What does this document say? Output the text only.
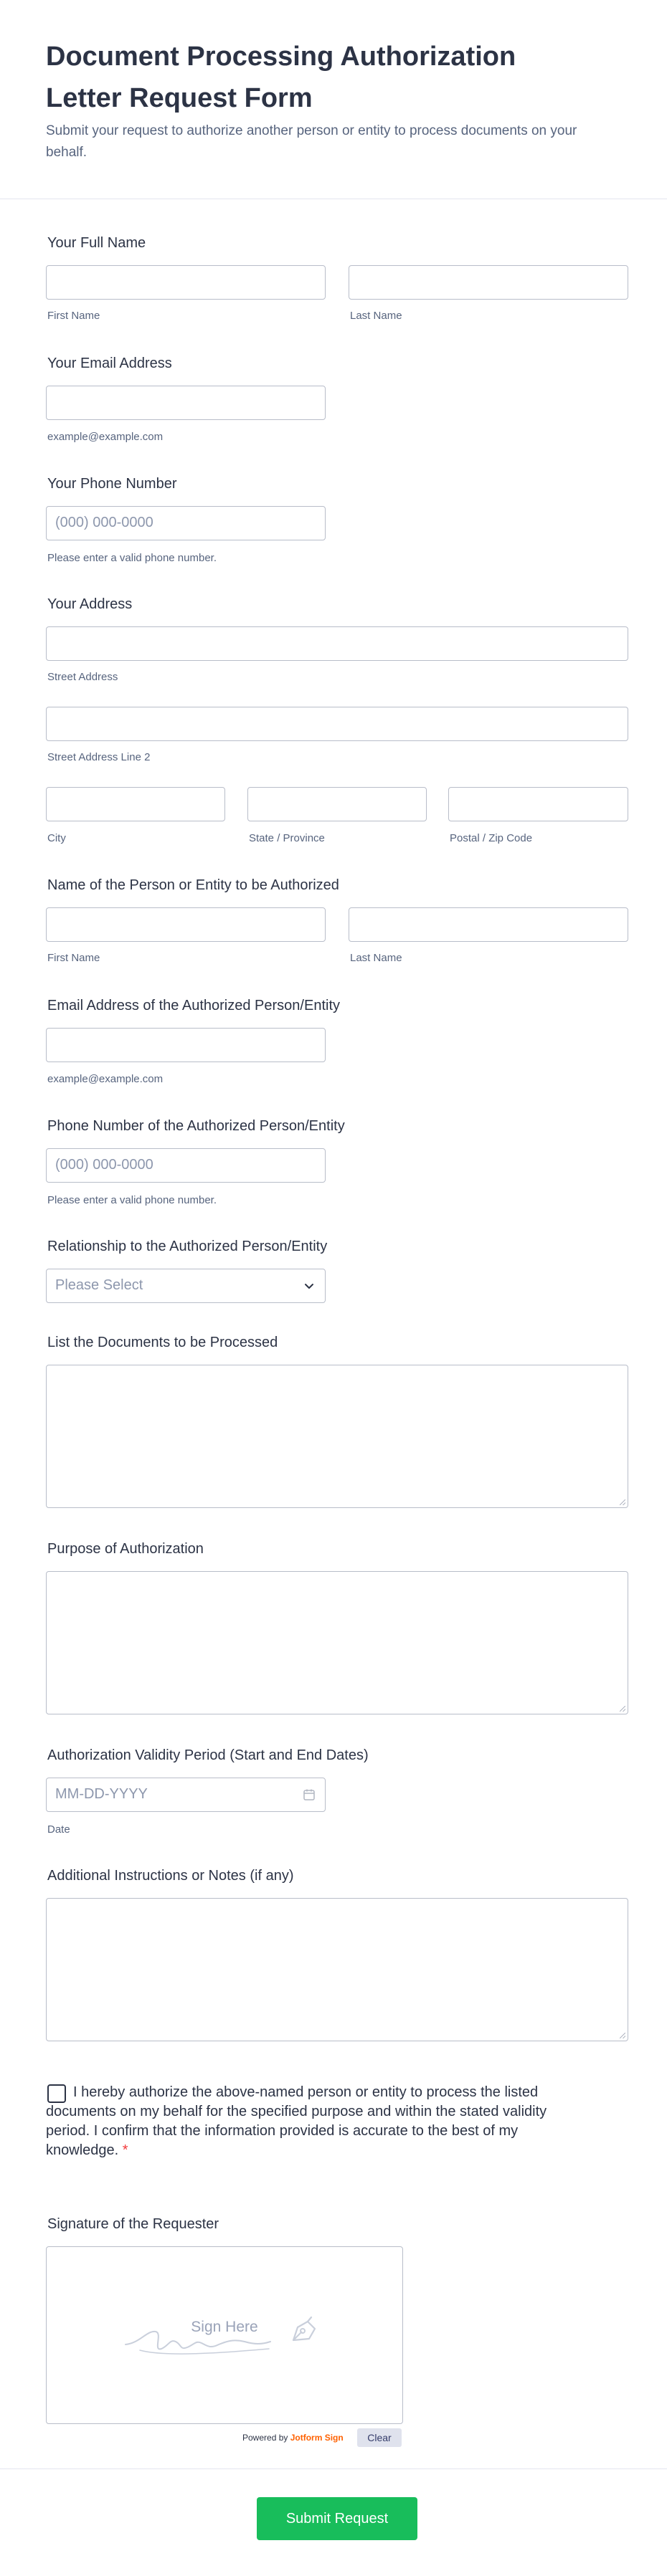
Document Processing Authorization Letter Request Form

Submit your request to authorize another person or entity to process documents on your behalf.

Your Full Name
First Name	Last Name
Your Email Address
example@example.com
Your Phone Number
(000) 000-0000
Please enter a valid phone number.
Your Address
Street Address
Street Address Line 2
City	State / Province	Postal / Zip Code
Name of the Person or Entity to be Authorized
First Name	Last Name
Email Address of the Authorized Person/Entity
example@example.com
Phone Number of the Authorized Person/Entity
(000) 000-0000
Please enter a valid phone number.
Relationship to the Authorized Person/Entity
Please Select
List the Documents to be Processed
Purpose of Authorization
Authorization Validity Period (Start and End Dates)
MM-DD-YYYY
Date
Additional Instructions or Notes (if any)
I hereby authorize the above-named person or entity to process the listed documents on my behalf for the specified purpose and within the stated validity period. I confirm that the information provided is accurate to the best of my knowledge. *
Signature of the Requester
Sign Here
Powered by Jotform Sign	Clear
Submit Request
